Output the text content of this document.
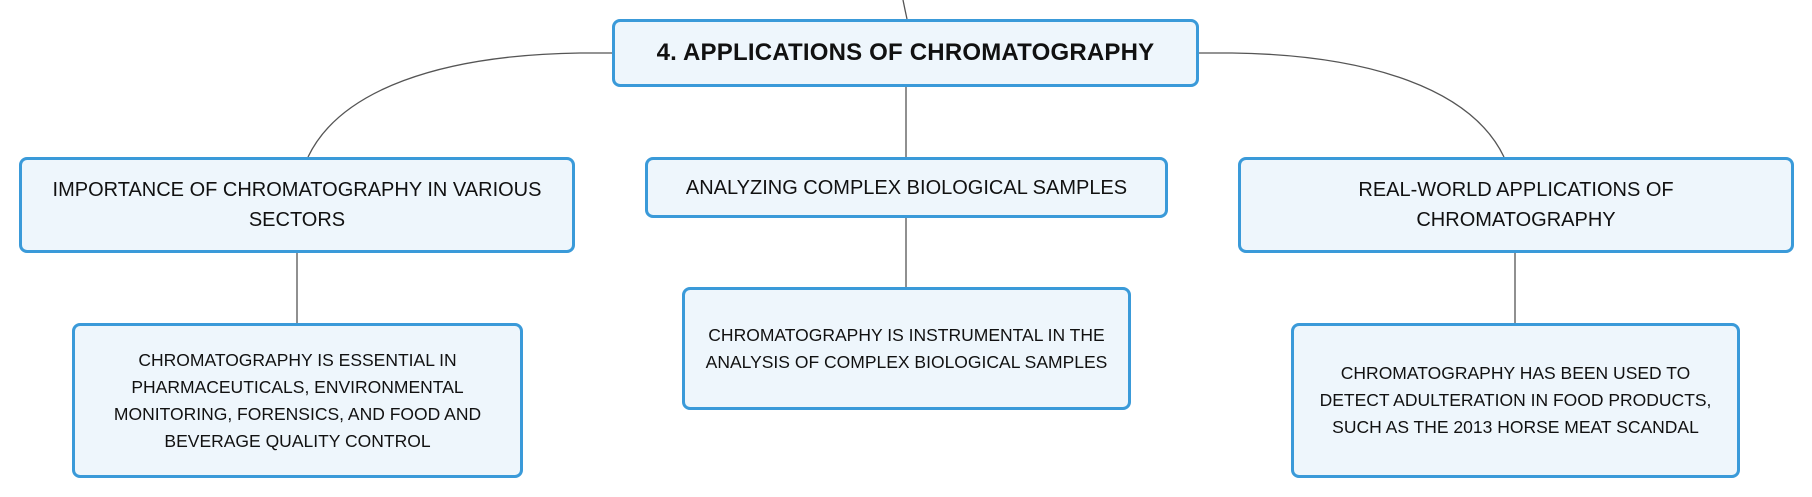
4. APPLICATIONS OF CHROMATOGRAPHY
IMPORTANCE OF CHROMATOGRAPHY IN VARIOUS SECTORS
ANALYZING COMPLEX BIOLOGICAL SAMPLES	REAL-WORLD APPLICATIONS OF CHROMATOGRAPHY
CHROMATOGRAPHY IS ESSENTIAL IN PHARMACEUTICALS, ENVIRONMENTAL MONITORING, FORENSICS, AND FOOD AND BEVERAGE QUALITY CONTROL
CHROMATOGRAPHY IS INSTRUMENTAL IN THE ANALYSIS OF COMPLEX BIOLOGICAL SAMPLES
CHROMATOGRAPHY HAS BEEN USED TO DETECT ADULTERATION IN FOOD PRODUCTS, SUCH AS THE 2013 HORSE MEAT SCANDAL
